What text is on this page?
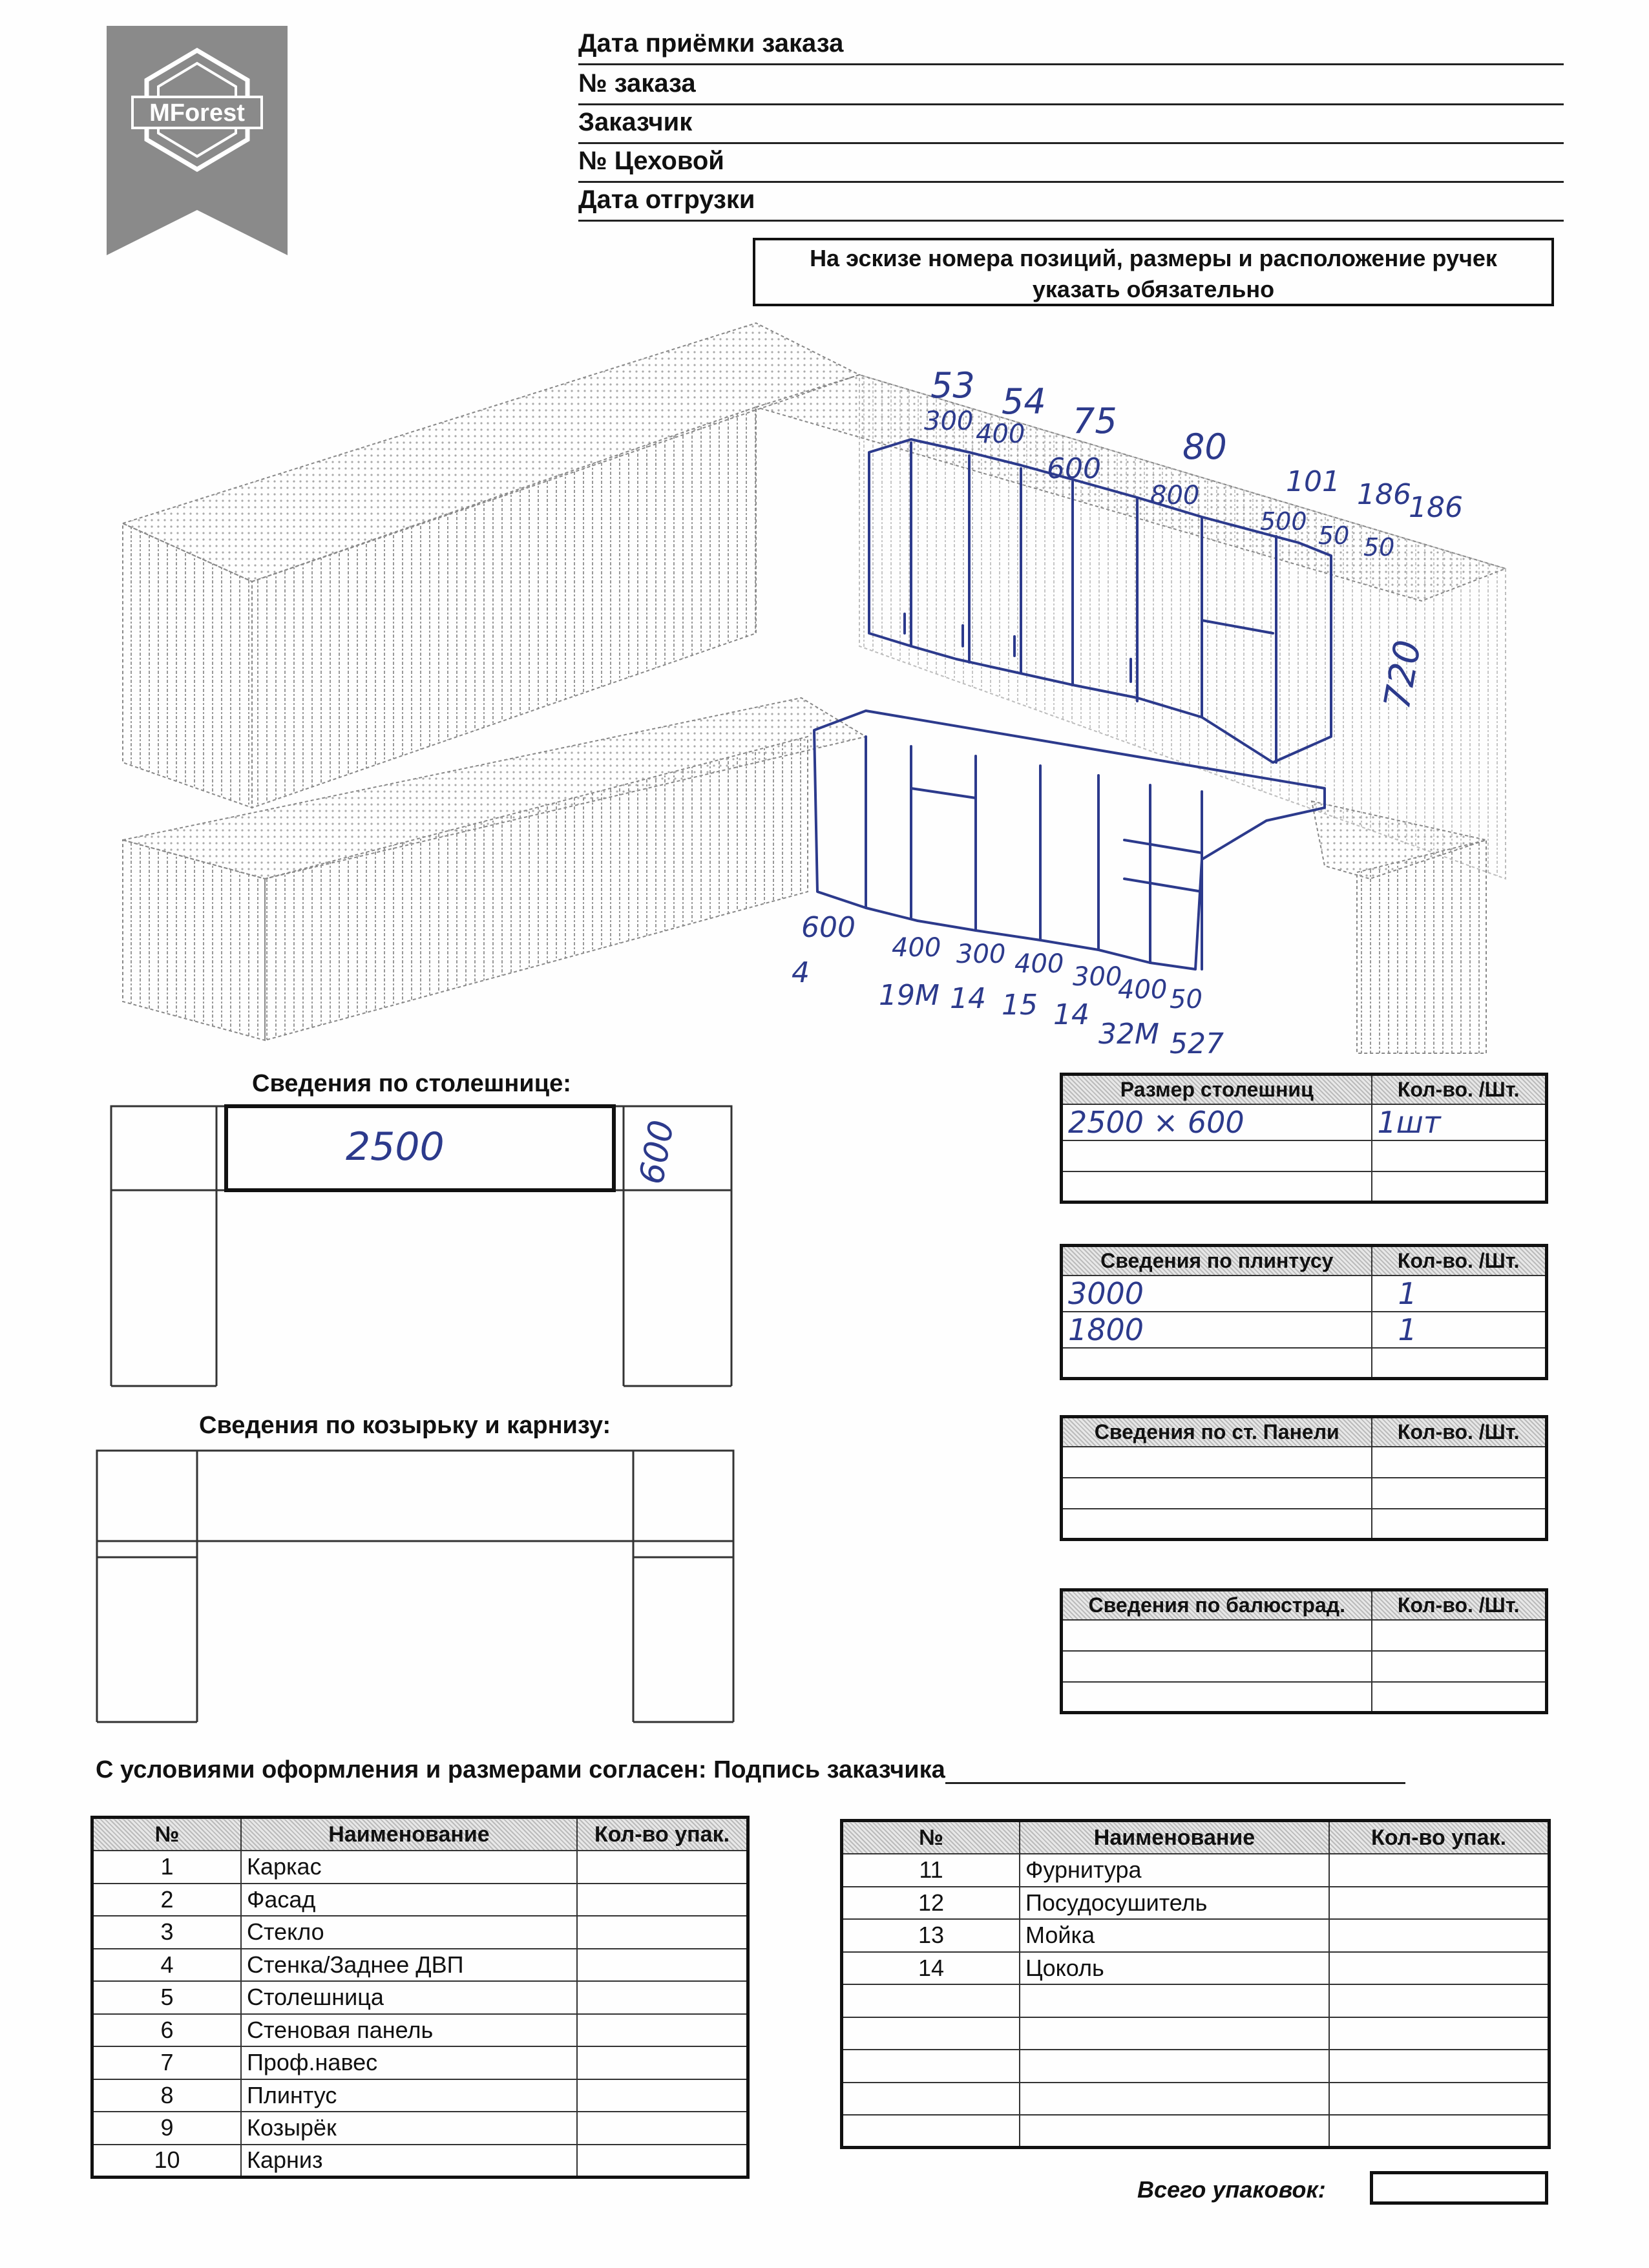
MForest
Дата приёмки заказа
№ заказа
Заказчик
№ Цеховой
Дата отгрузки
На эскизе номера позиций, размеры и расположение ручек
указать обязательно
53 54 75
80
101 186
186
300 400
600
800
500 50 50
720
600
400 300 400 300
400 50
4
19M 14 15 14
32M 527
Сведения по столешнице:
2500	600
Сведения по козырьку и карнизу:
Размер столешниц	Кол-во. /Шт.
2500 × 600	1шт

Сведения по плинтусу	Кол-во. /Шт.
3000	1
1800	1

Сведения по ст. Панели	Кол-во. /Шт.

Сведения по балюстрад.	Кол-во. /Шт.

С условиями оформления и размерами согласен: Подпись заказчика
№	Наименование	Кол-во упак.
1	Каркас	
2	Фасад	
3	Стекло	
4	Стенка/Заднее ДВП	
5	Столешница	
6	Стеновая панель	
7	Проф.навес	
8	Плинтус	
9	Козырёк	
10	Карниз	
№	Наименование	Кол-во упак.
11	Фурнитура	
12	Посудосушитель	
13	Мойка	
14	Цоколь	

Всего упаковок:
